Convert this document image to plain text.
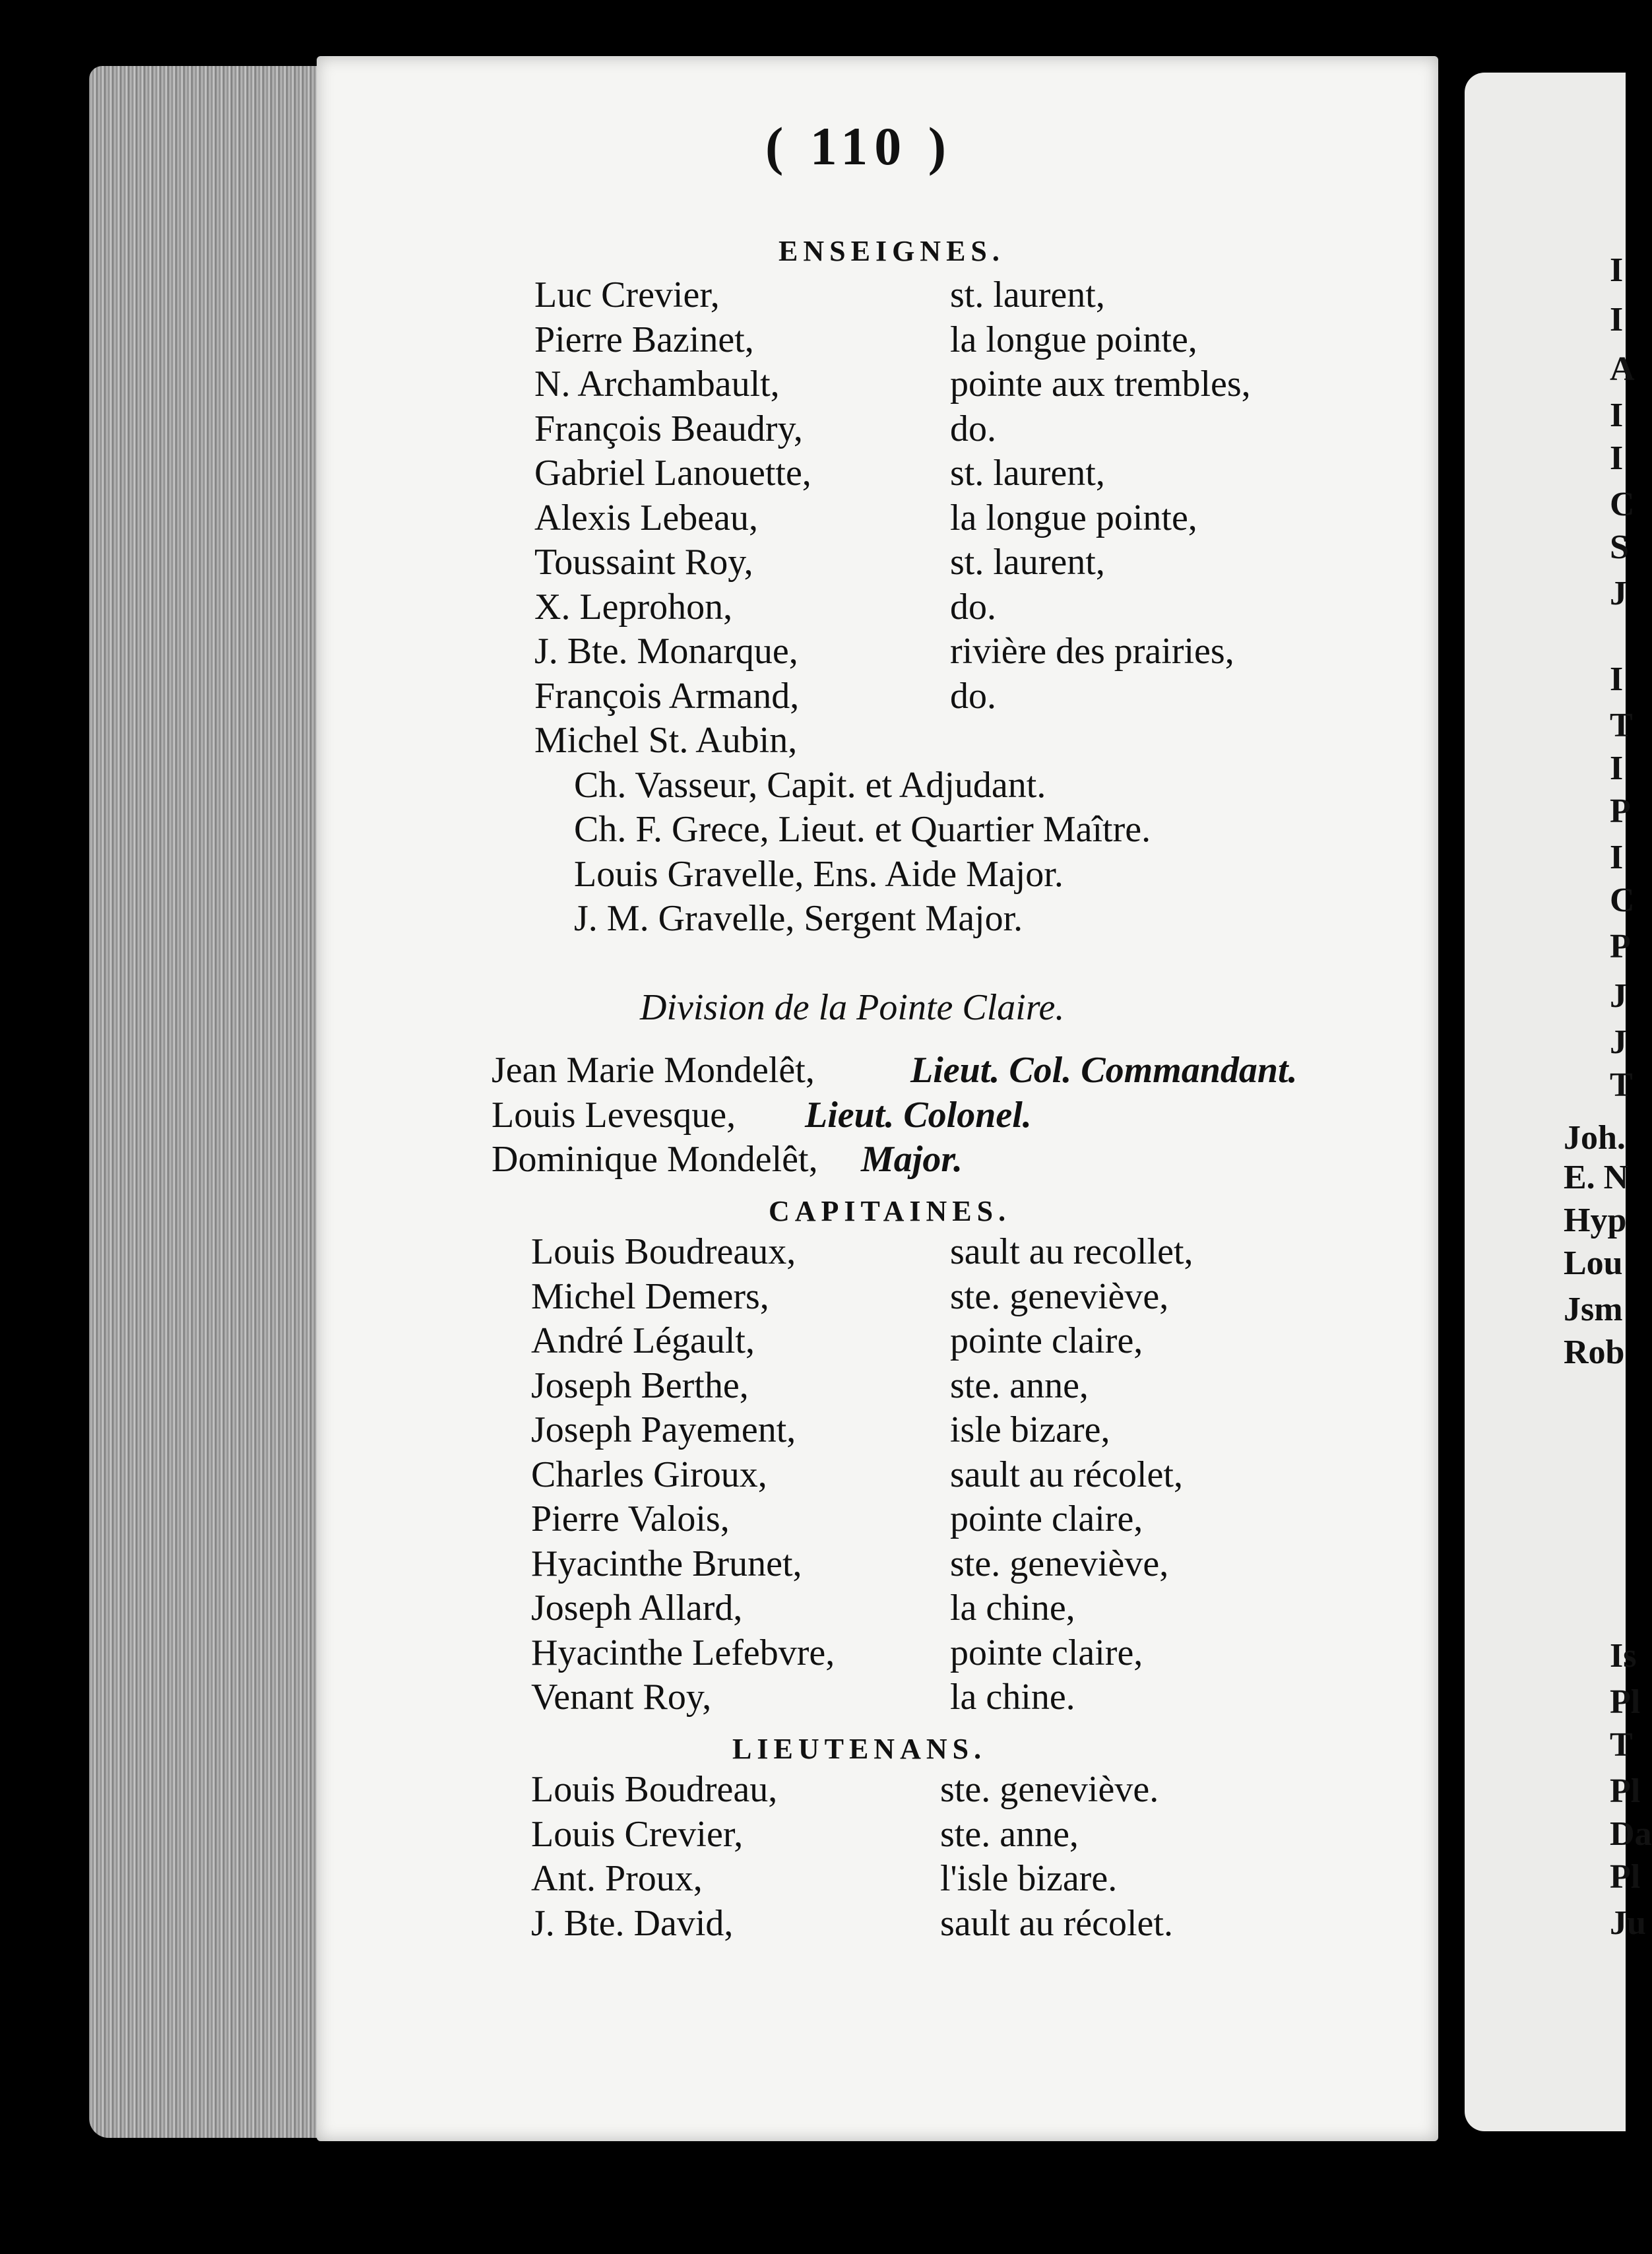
I
I
A
I
I
C
S
J
I
T
I
P
I
C
P
J
J
T
Joh.
E. N
Hyp
Lou
Jsm
Rob
Is
Pl
T
Pl
Da
Pl
Ju
( 110 )
ENSEIGNES.
Luc Crevier,	st. laurent,
Pierre Bazinet,	la longue pointe,
N. Archambault,	pointe aux trembles,
François Beaudry,	do.
Gabriel Lanouette,	st. laurent,
Alexis Lebeau,	la longue pointe,
Toussaint Roy,	st. laurent,
X. Leprohon,	do.
J. Bte. Monarque,	rivière des prairies,
François Armand,	do.
Michel St. Aubin,
Ch. Vasseur, Capit. et Adjudant.
Ch. F. Grece, Lieut. et Quartier Maître.
Louis Gravelle, Ens. Aide Major.
J. M. Gravelle, Sergent Major.
Division de la Pointe Claire.
Jean Marie Mondelêt,	Lieut. Col. Commandant.
Louis Levesque, Lieut. Colonel.
Dominique Mondelêt, Major.
CAPITAINES.
Louis Boudreaux,	sault au recollet,
Michel Demers,	ste. geneviève,
André Légault,	pointe claire,
Joseph Berthe,	ste. anne,
Joseph Payement,	isle bizare,
Charles Giroux,	sault au récolet,
Pierre Valois,	pointe claire,
Hyacinthe Brunet,	ste. geneviève,
Joseph Allard,	la chine,
Hyacinthe Lefebvre,	pointe claire,
Venant Roy,	la chine.
LIEUTENANS.
Louis Boudreau,	ste. geneviève.
Louis Crevier,	ste. anne,
Ant. Proux,	l'isle bizare.
J. Bte. David,	sault au récolet.
